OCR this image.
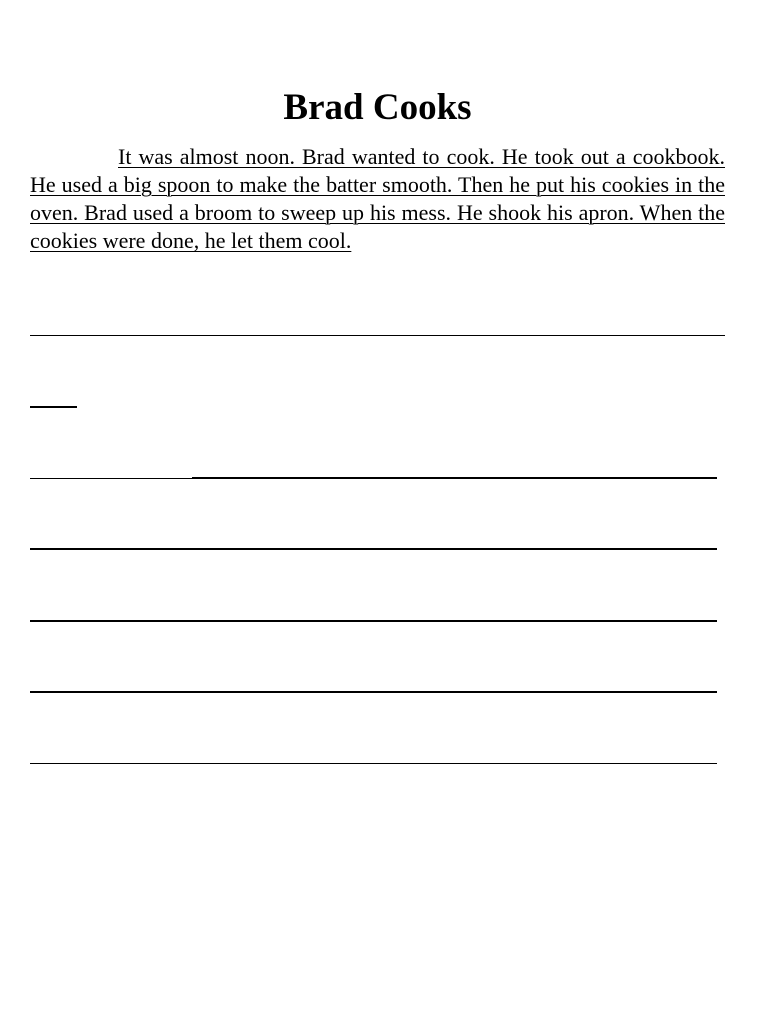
Brad Cooks

It was almost noon. Brad wanted to cook. He took out a cookbook. He used a big spoon to make the batter smooth. Then he put his cookies in the oven. Brad used a broom to sweep up his mess. He shook his apron. When the cookies were done, he let them cool.
